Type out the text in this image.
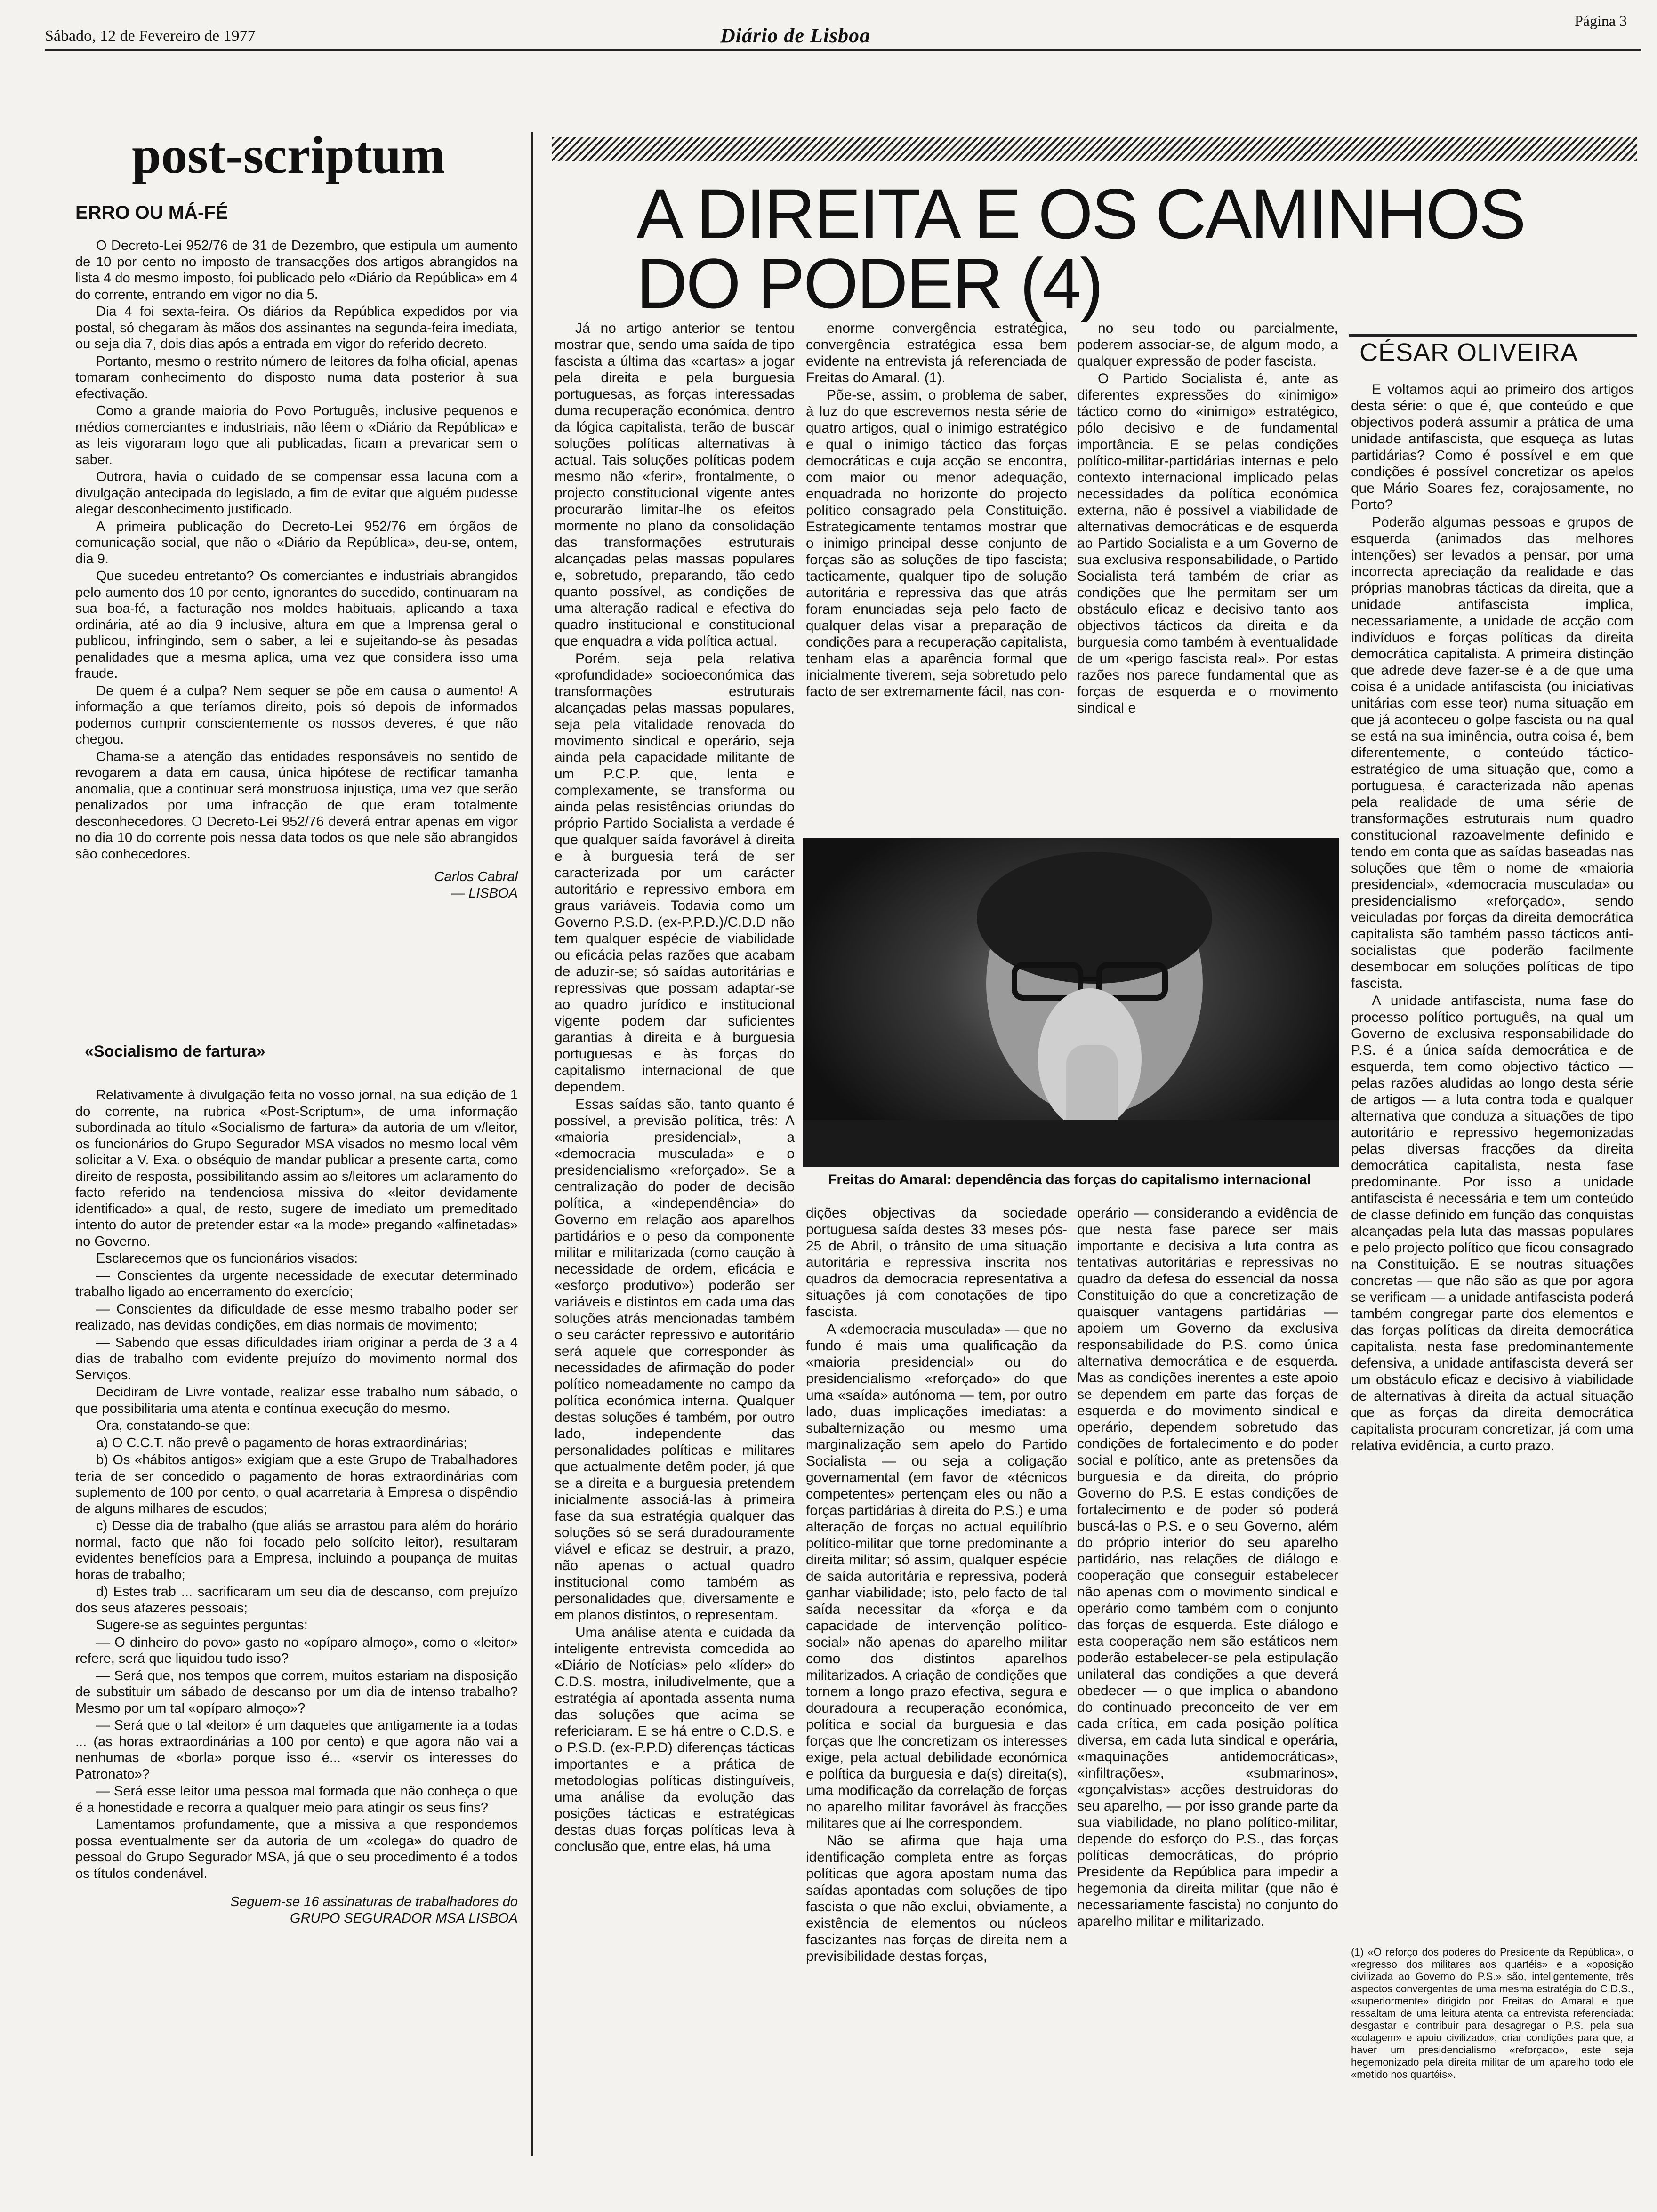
Sábado, 12 de Fevereiro de 1977	Diário de Lisboa
Página 3
post-scriptum
ERRO OU MÁ-FÉ

O Decreto-Lei 952/76 de 31 de Dezembro, que estipula um aumento de 10 por cento no imposto de transacções dos artigos abrangidos na lista 4 do mesmo imposto, foi publicado pelo «Diário da República» em 4 do corrente, entrando em vigor no dia 5.

Dia 4 foi sexta-feira. Os diários da República expedidos por via postal, só chegaram às mãos dos assinantes na segunda-feira imediata, ou seja dia 7, dois dias após a entrada em vigor do referido decreto.

Portanto, mesmo o restrito número de leitores da folha oficial, apenas tomaram conhecimento do disposto numa data posterior à sua efectivação.

Como a grande maioria do Povo Português, inclusive pequenos e médios comerciantes e industriais, não lêem o «Diário da República» e as leis vigoraram logo que ali publicadas, ficam a prevaricar sem o saber.

Outrora, havia o cuidado de se compensar essa lacuna com a divulgação antecipada do legislado, a fim de evitar que alguém pudesse alegar desconhecimento justificado.

A primeira publicação do Decreto-Lei 952/76 em órgãos de comunicação social, que não o «Diário da República», deu-se, ontem, dia 9.

Que sucedeu entretanto? Os comerciantes e industriais abrangidos pelo aumento dos 10 por cento, ignorantes do sucedido, continuaram na sua boa-fé, a facturação nos moldes habituais, aplicando a taxa ordinária, até ao dia 9 inclusive, altura em que a Imprensa geral o publicou, infringindo, sem o saber, a lei e sujeitando-se às pesadas penalidades que a mesma aplica, uma vez que considera isso uma fraude.

De quem é a culpa? Nem sequer se põe em causa o aumento! A informação a que teríamos direito, pois só depois de informados podemos cumprir conscientemente os nossos deveres, é que não chegou.

Chama-se a atenção das entidades responsáveis no sentido de revogarem a data em causa, única hipótese de rectificar tamanha anomalia, que a continuar será monstruosa injustiça, uma vez que serão penalizados por uma infracção de que eram totalmente desconhecedores. O Decreto-Lei 952/76 deverá entrar apenas em vigor no dia 10 do corrente pois nessa data todos os que nele são abrangidos são conhecedores.

Carlos Cabral
— LISBOA
«Socialismo de fartura»

Relativamente à divulgação feita no vosso jornal, na sua edição de 1 do corrente, na rubrica «Post-Scriptum», de uma informação subordinada ao título «Socialismo de fartura» da autoria de um v/leitor, os funcionários do Grupo Segurador MSA visados no mesmo local vêm solicitar a V. Exa. o obséquio de mandar publicar a presente carta, como direito de resposta, possibilitando assim ao s/leitores um aclaramento do facto referido na tendenciosa missiva do «leitor devidamente identificado» a qual, de resto, sugere de imediato um premeditado intento do autor de pretender estar «a la mode» pregando «alfinetadas» no Governo.

Esclarecemos que os funcionários visados:

— Conscientes da urgente necessidade de executar determinado trabalho ligado ao encerramento do exercício;

— Conscientes da dificuldade de esse mesmo trabalho poder ser realizado, nas devidas condições, em dias normais de movimento;

— Sabendo que essas dificuldades iriam originar a perda de 3 a 4 dias de trabalho com evidente prejuízo do movimento normal dos Serviços.

Decidiram de Livre vontade, realizar esse trabalho num sábado, o que possibilitaria uma atenta e contínua execução do mesmo.

Ora, constatando-se que:

a) O C.C.T. não prevê o pagamento de horas extraordinárias;

b) Os «hábitos antigos» exigiam que a este Grupo de Trabalhadores teria de ser concedido o pagamento de horas extraordinárias com suplemento de 100 por cento, o qual acarretaria à Empresa o dispêndio de alguns milhares de escudos;

c) Desse dia de trabalho (que aliás se arrastou para além do horário normal, facto que não foi focado pelo solícito leitor), resultaram evidentes benefícios para a Empresa, incluindo a poupança de muitas horas de trabalho;

d) Estes trab ... sacrificaram um seu dia de descanso, com prejuízo dos seus afazeres pessoais;

Sugere-se as seguintes perguntas:

— O dinheiro do povo» gasto no «opíparo almoço», como o «leitor» refere, será que liquidou tudo isso?

— Será que, nos tempos que correm, muitos estariam na disposição de substituir um sábado de descanso por um dia de intenso trabalho? Mesmo por um tal «opíparo almoço»?

— Será que o tal «leitor» é um daqueles que antigamente ia a todas ... (as horas extraordinárias a 100 por cento) e que agora não vai a nenhumas de «borla» porque isso é... «servir os interesses do Patronato»?

— Será esse leitor uma pessoa mal formada que não conheça o que é a honestidade e recorra a qualquer meio para atingir os seus fins?

Lamentamos profundamente, que a missiva a que respondemos possa eventualmente ser da autoria de um «colega» do quadro de pessoal do Grupo Segurador MSA, já que o seu procedimento é a todos os títulos condenável.

Seguem-se 16 assinaturas de trabalhadores do GRUPO SEGURADOR MSA LISBOA
A DIREITA E OS CAMINHOS
DO PODER (4)
CÉSAR OLIVEIRA

Já no artigo anterior se tentou mostrar que, sendo uma saída de tipo fascista a última das «cartas» a jogar pela direita e pela burguesia portuguesas, as forças interessadas duma recuperação económica, dentro da lógica capitalista, terão de buscar soluções políticas alternativas à actual. Tais soluções políticas podem mesmo não «ferir», frontalmente, o projecto constitucional vigente antes procurarão limitar-lhe os efeitos mormente no plano da consolidação das transformações estruturais alcançadas pelas massas populares e, sobretudo, preparando, tão cedo quanto possível, as condições de uma alteração radical e efectiva do quadro institucional e constitucional que enquadra a vida política actual.

Porém, seja pela relativa «profundidade» socioeconómica das transformações estruturais alcançadas pelas massas populares, seja pela vitalidade renovada do movimento sindical e operário, seja ainda pela capacidade militante de um P.C.P. que, lenta e complexamente, se transforma ou ainda pelas resistências oriundas do próprio Partido Socialista a verdade é que qualquer saída favorável à direita e à burguesia terá de ser caracterizada por um carácter autoritário e repressivo embora em graus variáveis. Todavia como um Governo P.S.D. (ex-P.P.D.)/C.D.D não tem qualquer espécie de viabilidade ou eficácia pelas razões que acabam de aduzir-se; só saídas autoritárias e repressivas que possam adaptar-se ao quadro jurídico e institucional vigente podem dar suficientes garantias à direita e à burguesia portuguesas e às forças do capitalismo internacional de que dependem.

Essas saídas são, tanto quanto é possível, a previsão política, três: A «maioria presidencial», a «democracia musculada» e o presidencialismo «reforçado». Se a centralização do poder de decisão política, a «independência» do Governo em relação aos aparelhos partidários e o peso da componente militar e militarizada (como caução à necessidade de ordem, eficácia e «esforço produtivo») poderão ser variáveis e distintos em cada uma das soluções atrás mencionadas também o seu carácter repressivo e autoritário será aquele que corresponder às necessidades de afirmação do poder político nomeadamente no campo da política económica interna. Qualquer destas soluções é também, por outro lado, independente das personalidades políticas e militares que actualmente detêm poder, já que se a direita e a burguesia pretendem inicialmente associá-las à primeira fase da sua estratégia qualquer das soluções só se será duradouramente viável e eficaz se destruir, a prazo, não apenas o actual quadro institucional como também as personalidades que, diversamente e em planos distintos, o representam.

Uma análise atenta e cuidada da inteligente entrevista comcedida ao «Diário de Notícias» pelo «líder» do C.D.S. mostra, iniludivelmente, que a estratégia aí apontada assenta numa das soluções que acima se refericiaram. E se há entre o C.D.S. e o P.S.D. (ex-P.P.D) diferenças tácticas importantes e a prática de metodologias políticas distinguíveis, uma análise da evolução das posições tácticas e estratégicas destas duas forças políticas leva à conclusão que, entre elas, há uma

enorme convergência estratégica, convergência estratégica essa bem evidente na entrevista já referenciada de Freitas do Amaral. (1).

Põe-se, assim, o problema de saber, à luz do que escrevemos nesta série de quatro artigos, qual o inimigo estratégico e qual o inimigo táctico das forças democráticas e cuja acção se encontra, com maior ou menor adequação, enquadrada no horizonte do projecto político consagrado pela Constituição. Estrategicamente tentamos mostrar que o inimigo principal desse conjunto de forças são as soluções de tipo fascista; tacticamente, qualquer tipo de solução autoritária e repressiva das que atrás foram enunciadas seja pelo facto de qualquer delas visar a preparação de condições para a recuperação capitalista, tenham elas a aparência formal que inicialmente tiverem, seja sobretudo pelo facto de ser extremamente fácil, nas con-

no seu todo ou parcialmente, poderem associar-se, de algum modo, a qualquer expressão de poder fascista.

O Partido Socialista é, ante as diferentes expressões do «inimigo» táctico como do «inimigo» estratégico, pólo decisivo e de fundamental importância. E se pelas condições político-militar-partidárias internas e pelo contexto internacional implicado pelas necessidades da política económica externa, não é possível a viabilidade de alternativas democráticas e de esquerda ao Partido Socialista e a um Governo de sua exclusiva responsabilidade, o Partido Socialista terá também de criar as condições que lhe permitam ser um obstáculo eficaz e decisivo tanto aos objectivos tácticos da direita e da burguesia como também à eventualidade de um «perigo fascista real». Por estas razões nos parece fundamental que as forças de esquerda e o movimento sindical e

Freitas do Amaral: dependência das forças do capitalismo internacional

dições objectivas da sociedade portuguesa saída destes 33 meses pós-25 de Abril, o trânsito de uma situação autoritária e repressiva inscrita nos quadros da democracia representativa a situações já com conotações de tipo fascista.

A «democracia musculada» — que no fundo é mais uma qualificação da «maioria presidencial» ou do presidencialismo «reforçado» do que uma «saída» autónoma — tem, por outro lado, duas implicações imediatas: a subalternização ou mesmo uma marginalização sem apelo do Partido Socialista — ou seja a coligação governamental (em favor de «técnicos competentes» pertençam eles ou não a forças partidárias à direita do P.S.) e uma alteração de forças no actual equilíbrio político-militar que torne predominante a direita militar; só assim, qualquer espécie de saída autoritária e repressiva, poderá ganhar viabilidade; isto, pelo facto de tal saída necessitar da «força e da capacidade de intervenção político-social» não apenas do aparelho militar como dos distintos aparelhos militarizados. A criação de condições que tornem a longo prazo efectiva, segura e douradoura a recuperação económica, política e social da burguesia e das forças que lhe concretizam os interesses exige, pela actual debilidade económica e política da burguesia e da(s) direita(s), uma modificação da correlação de forças no aparelho militar favorável às fracções militares que aí lhe correspondem.

Não se afirma que haja uma identificação completa entre as forças políticas que agora apostam numa das saídas apontadas com soluções de tipo fascista o que não exclui, obviamente, a existência de elementos ou núcleos fascizantes nas forças de direita nem a previsibilidade destas forças,

operário — considerando a evidência de que nesta fase parece ser mais importante e decisiva a luta contra as tentativas autoritárias e repressivas no quadro da defesa do essencial da nossa Constituição do que a concretização de quaisquer vantagens partidárias — apoiem um Governo da exclusiva responsabilidade do P.S. como única alternativa democrática e de esquerda. Mas as condições inerentes a este apoio se dependem em parte das forças de esquerda e do movimento sindical e operário, dependem sobretudo das condições de fortalecimento e do poder social e político, ante as pretensões da burguesia e da direita, do próprio Governo do P.S. E estas condições de fortalecimento e de poder só poderá buscá-las o P.S. e o seu Governo, além do próprio interior do seu aparelho partidário, nas relações de diálogo e cooperação que conseguir estabelecer não apenas com o movimento sindical e operário como também com o conjunto das forças de esquerda. Este diálogo e esta cooperação nem são estáticos nem poderão estabelecer-se pela estipulação unilateral das condições a que deverá obedecer — o que implica o abandono do continuado preconceito de ver em cada crítica, em cada posição política diversa, em cada luta sindical e operária, «maquinações antidemocráticas», «infiltrações», «submarinos», «gonçalvistas» acções destruidoras do seu aparelho, — por isso grande parte da sua viabilidade, no plano político-militar, depende do esforço do P.S., das forças políticas democráticas, do próprio Presidente da República para impedir a hegemonia da direita militar (que não é necessariamente fascista) no conjunto do aparelho militar e militarizado.

E voltamos aqui ao primeiro dos artigos desta série: o que é, que conteúdo e que objectivos poderá assumir a prática de uma unidade antifascista, que esqueça as lutas partidárias? Como é possível e em que condições é possível concretizar os apelos que Mário Soares fez, corajosamente, no Porto?

Poderão algumas pessoas e grupos de esquerda (animados das melhores intenções) ser levados a pensar, por uma incorrecta apreciação da realidade e das próprias manobras tácticas da direita, que a unidade antifascista implica, necessariamente, a unidade de acção com indivíduos e forças políticas da direita democrática capitalista. A primeira distinção que adrede deve fazer-se é a de que uma coisa é a unidade antifascista (ou iniciativas unitárias com esse teor) numa situação em que já aconteceu o golpe fascista ou na qual se está na sua iminência, outra coisa é, bem diferentemente, o conteúdo táctico-estratégico de uma situação que, como a portuguesa, é caracterizada não apenas pela realidade de uma série de transformações estruturais num quadro constitucional razoavelmente definido e tendo em conta que as saídas baseadas nas soluções que têm o nome de «maioria presidencial», «democracia musculada» ou presidencialismo «reforçado», sendo veiculadas por forças da direita democrática capitalista são também passo tácticos anti-socialistas que poderão facilmente desembocar em soluções políticas de tipo fascista.

A unidade antifascista, numa fase do processo político português, na qual um Governo de exclusiva responsabilidade do P.S. é a única saída democrática e de esquerda, tem como objectivo táctico — pelas razões aludidas ao longo desta série de artigos — a luta contra toda e qualquer alternativa que conduza a situações de tipo autoritário e repressivo hegemonizadas pelas diversas fracções da direita democrática capitalista, nesta fase predominante. Por isso a unidade antifascista é necessária e tem um conteúdo de classe definido em função das conquistas alcançadas pela luta das massas populares e pelo projecto político que ficou consagrado na Constituição. E se noutras situações concretas — que não são as que por agora se verificam — a unidade antifascista poderá também congregar parte dos elementos e das forças políticas da direita democrática capitalista, nesta fase predominantemente defensiva, a unidade antifascista deverá ser um obstáculo eficaz e decisivo à viabilidade de alternativas à direita da actual situação que as forças da direita democrática capitalista procuram concretizar, já com uma relativa evidência, a curto prazo.

(1) «O reforço dos poderes do Presidente da República», o «regresso dos militares aos quartéis» e a «oposição civilizada ao Governo do P.S.» são, inteligentemente, três aspectos convergentes de uma mesma estratégia do C.D.S., «superiormente» dirigido por Freitas do Amaral e que ressaltam de uma leitura atenta da entrevista referenciada: desgastar e contribuir para desagregar o P.S. pela sua «colagem» e apoio civilizado», criar condições para que, a haver um presidencialismo «reforçado», este seja hegemonizado pela direita militar de um aparelho todo ele «metido nos quartéis».
